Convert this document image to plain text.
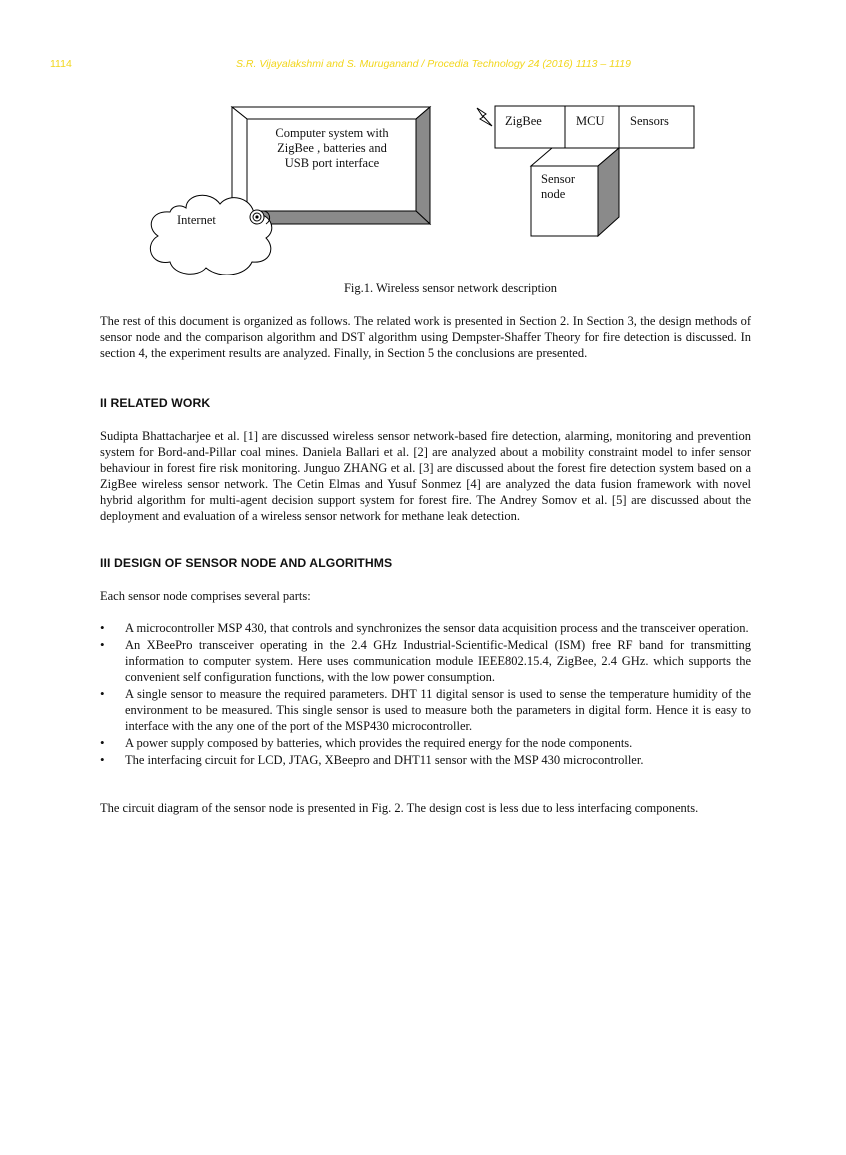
1114	S.R. Vijayalakshmi and S. Muruganand / Procedia Technology 24 (2016) 1113 – 1119
Computer system with
ZigBee , batteries and
USB port interface
Internet
ZigBee	MCU Sensors
Sensor
node
Fig.1. Wireless sensor network description

The rest of this document is organized as follows. The related work is presented in Section 2. In Section 3, the design methods of sensor node and the comparison algorithm and DST algorithm using Dempster-Shaffer Theory for fire detection is discussed. In section 4, the experiment results are analyzed. Finally, in Section 5 the conclusions are presented.

II RELATED WORK

Sudipta Bhattacharjee et al. [1] are discussed wireless sensor network-based fire detection, alarming, monitoring and prevention system for Bord-and-Pillar coal mines. Daniela Ballari et al. [2] are analyzed about a mobility constraint model to infer sensor behaviour in forest fire risk monitoring. Junguo ZHANG et al. [3] are discussed about the forest fire detection system based on a ZigBee wireless sensor network. The Cetin Elmas and Yusuf Sonmez [4] are analyzed the data fusion framework with novel hybrid algorithm for multi-agent decision support system for forest fire. The Andrey Somov et al. [5] are discussed about the deployment and evaluation of a wireless sensor network for methane leak detection.

III DESIGN OF SENSOR NODE AND ALGORITHMS

Each sensor node comprises several parts:

• A microcontroller MSP 430, that controls and synchronizes the sensor data acquisition process and the transceiver operation.
• An XBeePro transceiver operating in the 2.4 GHz Industrial-Scientific-Medical (ISM) free RF band for transmitting information to computer system. Here uses communication module IEEE802.15.4, ZigBee, 2.4 GHz. which supports the convenient self configuration functions, with the low power consumption.
• A single sensor to measure the required parameters. DHT 11 digital sensor is used to sense the temperature humidity of the environment to be measured. This single sensor is used to measure both the parameters in digital form. Hence it is easy to interface with the any one of the port of the MSP430 microcontroller.
• A power supply composed by batteries, which provides the required energy for the node components.
• The interfacing circuit for LCD, JTAG, XBeepro and DHT11 sensor with the MSP 430 microcontroller.

The circuit diagram of the sensor node is presented in Fig. 2. The design cost is less due to less interfacing components.
